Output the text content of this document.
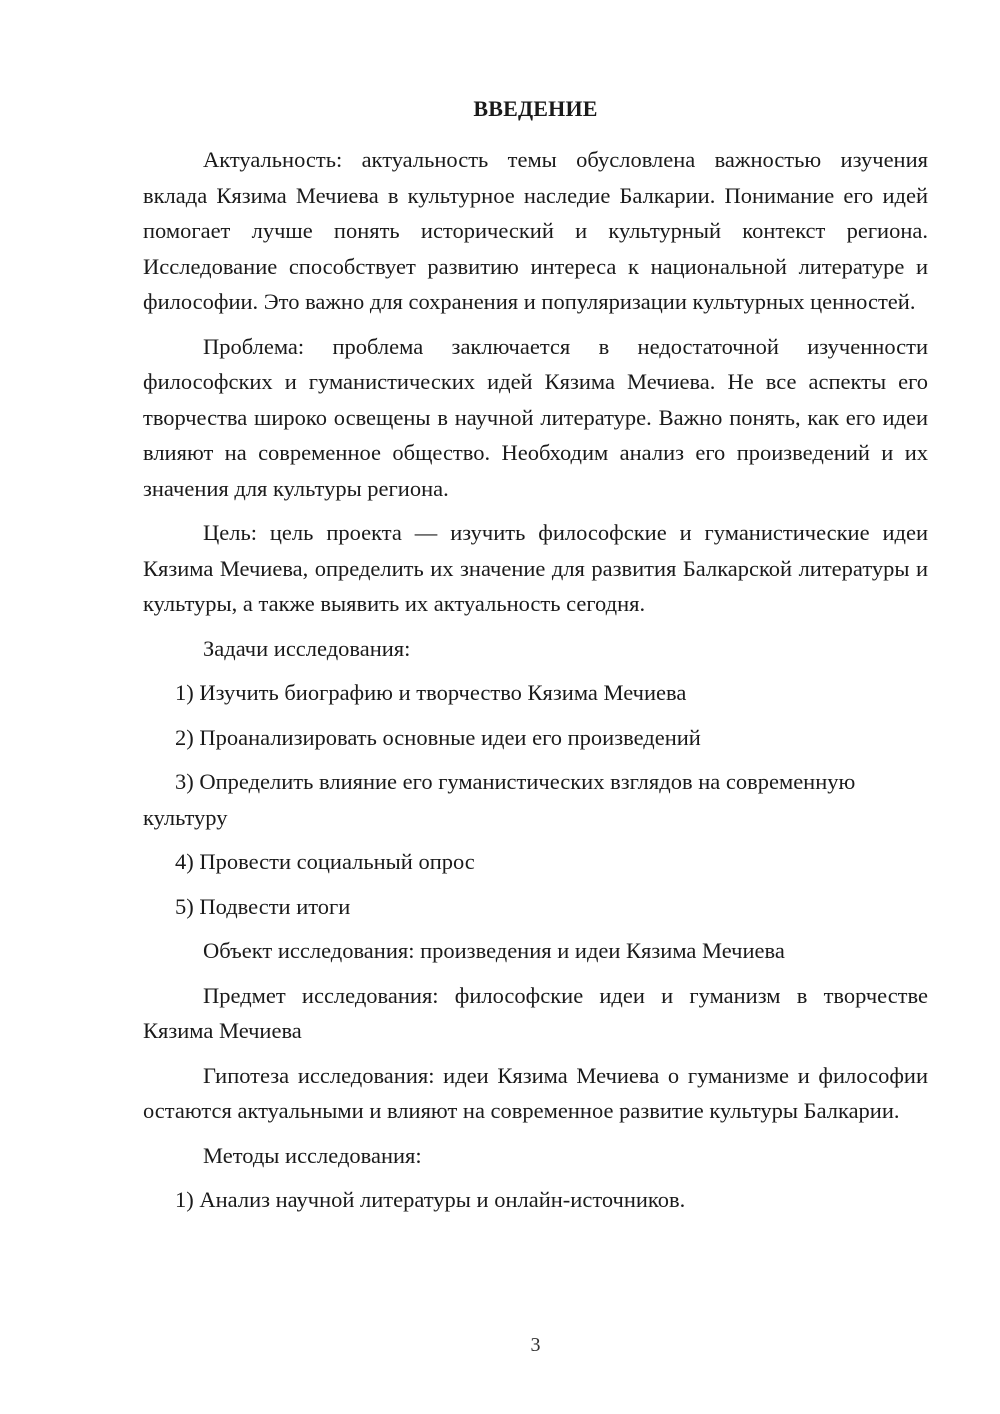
ВВЕДЕНИЕ

Актуальность: актуальность темы обусловлена важностью изучения вклада Кязима Мечиева в культурное наследие Балкарии. Понимание его идей помогает лучше понять исторический и культурный контекст региона. Исследование способствует развитию интереса к национальной литературе и философии. Это важно для сохранения и популяризации культурных ценностей.

Проблема: проблема заключается в недостаточной изученности философских и гуманистических идей Кязима Мечиева. Не все аспекты его творчества широко освещены в научной литературе. Важно понять, как его идеи влияют на современное общество. Необходим анализ его произведений и их значения для культуры региона.

Цель: цель проекта — изучить философские и гуманистические идеи Кязима Мечиева, определить их значение для развития Балкарской литературы и культуры, а также выявить их актуальность сегодня.

Задачи исследования:

1) Изучить биографию и творчество Кязима Мечиева

2) Проанализировать основные идеи его произведений

3) Определить влияние его гуманистических взглядов на современную культуру

4) Провести социальный опрос

5) Подвести итоги

Объект исследования: произведения и идеи Кязима Мечиева

Предмет исследования: философские идеи и гуманизм в творчестве Кязима Мечиева

Гипотеза исследования: идеи Кязима Мечиева о гуманизме и философии остаются актуальными и влияют на современное развитие культуры Балкарии.

Методы исследования:

1) Анализ научной литературы и онлайн-источников.

3
